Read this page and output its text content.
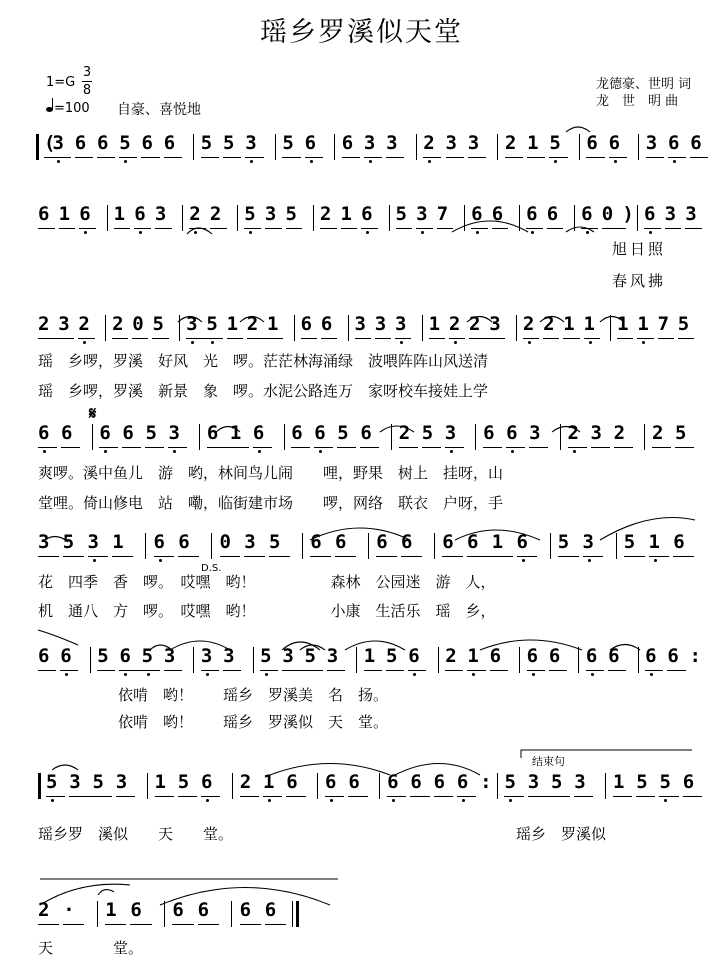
瑶乡罗溪似天堂
1=G
3
8
=100 自豪、喜悦地
龙德豪、世明 词
龙　世　明 曲
(
3 6 6 5 6 6 5 5 3 5 6 6 3 3 2 3 3 2 1 5 6 6 3 6 6
6 1 6 1 6 3 2 2 5 3 5 2 1 6 5 3 7 6 6 6 6 6 0 ) 6 3 3
2 3 2 2 0 5 3 5 1 2 1 6 6 3 3 3 1 2 2 3 2 2 1 1 1 1 7 5
6 6 6 6 5 3 6 1 6 6 6 5 6 2 5 3 6 6 3 2 3 2 2 5
3 5 3 1 6 6 0 3 5 6 6 6 6 6 6 1 6 5 3 5 1 6
6 6 5 6 5 3 3 3 5 3 5 3 1 5 6 2 1 6 6 6 6 6 6 6 :
5 3 5 3 1 5 6 2 1 6 6 6 6 6 6 6 : 5 3 5 3 1 5 5 6
2 · 1 6 6 6 6 6
旭日照
春风拂
瑶　乡啰，罗溪　好风　光　啰。茫茫林海涌绿　波喂阵阵山风送清
瑶　乡啰，罗溪　新景　象　啰。水泥公路连万　家呀校车接娃上学
爽啰。溪中鱼儿　游　哟，林间鸟儿闹　　哩，野果　树上　挂呀，山
堂哩。倚山修电　站　嘞，临街建市场　　啰，网络　联衣　户呀，手
花　四季　香　啰。　哎嘿　哟！　　　　　森林　公园迷　游　人，
机　通八　方　啰。　哎嘿　哟！　　　　　小康　生活乐　瑶　乡，
依啃　哟！　　瑶乡　罗溪美　名　扬。
依啃　哟！　　瑶乡　罗溪似　天　堂。
瑶乡罗　溪似　　天　　堂。	瑶乡　罗溪似
天　　　　堂。
D.S.
结束句
𝄋
